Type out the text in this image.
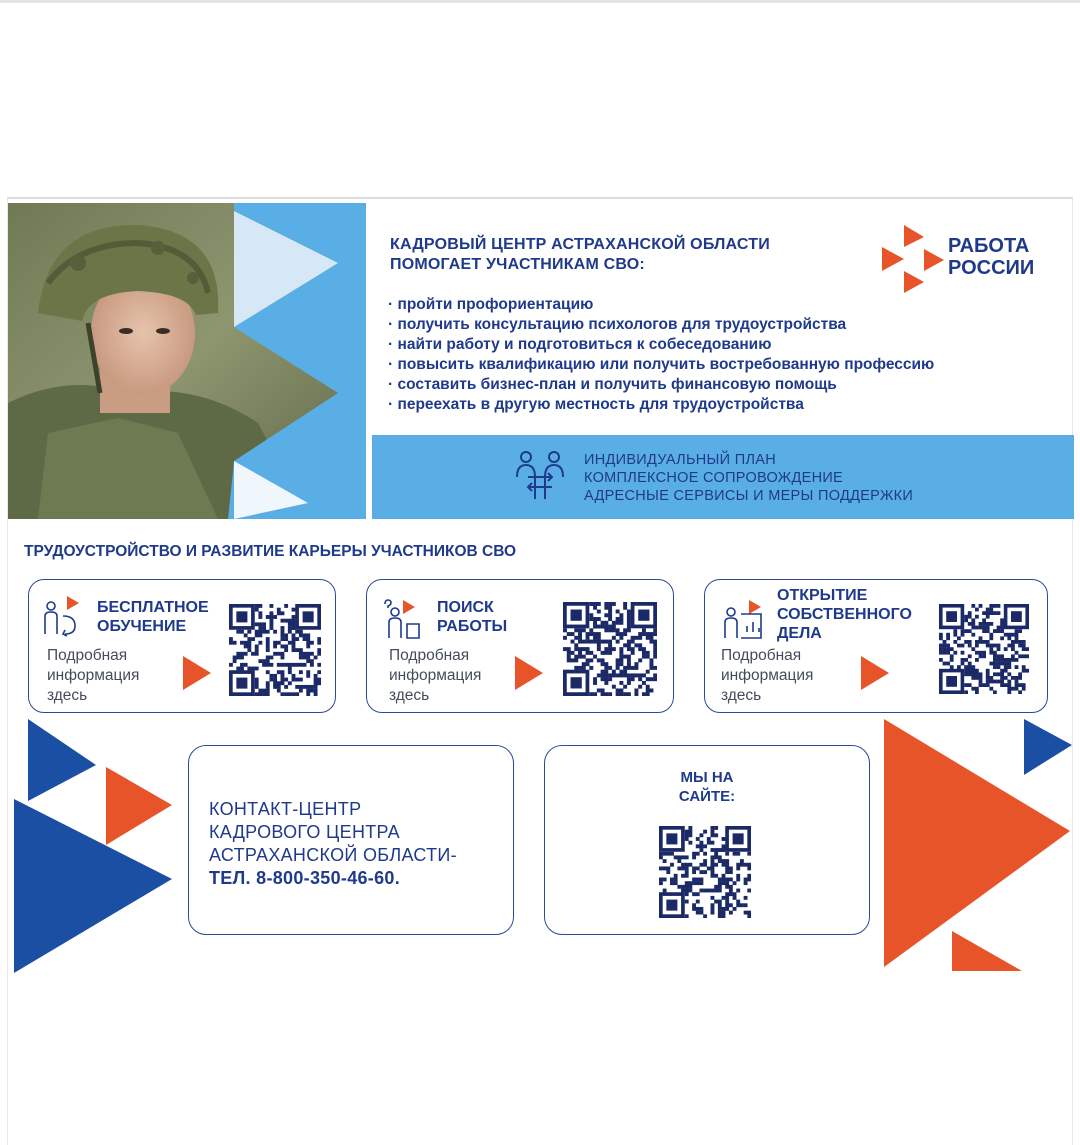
КАДРОВЫЙ ЦЕНТР АСТРАХАНСКОЙ ОБЛАСТИ
ПОМОГАЕТ УЧАСТНИКАМ СВО:

РАБОТА
РОССИИ
· пройти профориентацию
· получить консультацию психологов для трудоустройства
· найти работу и подготовиться к собеседованию
· повысить квалификацию или получить востребованную профессию
· составить бизнес-план и получить финансовую помощь
· переехать в другую местность для трудоустройства
ИНДИВИДУАЛЬНЫЙ ПЛАН
КОМПЛЕКСНОЕ СОПРОВОЖДЕНИЕ
АДРЕСНЫЕ СЕРВИСЫ И МЕРЫ ПОДДЕРЖКИ

ТРУДОУСТРОЙСТВО И РАЗВИТИЕ КАРЬЕРЫ УЧАСТНИКОВ СВО

БЕСПЛАТНОЕ
ОБУЧЕНИЕ
Подробная
информация
здесь
ПОИСК
РАБОТЫ
Подробная
информация
здесь
ОТКРЫТИЕ
СОБСТВЕННОГО
ДЕЛА
Подробная
информация
здесь
КОНТАКТ-ЦЕНТР
КАДРОВОГО ЦЕНТРА
АСТРАХАНСКОЙ ОБЛАСТИ-
ТЕЛ. 8-800-350-46-60.
МЫ НА
САЙТЕ:
